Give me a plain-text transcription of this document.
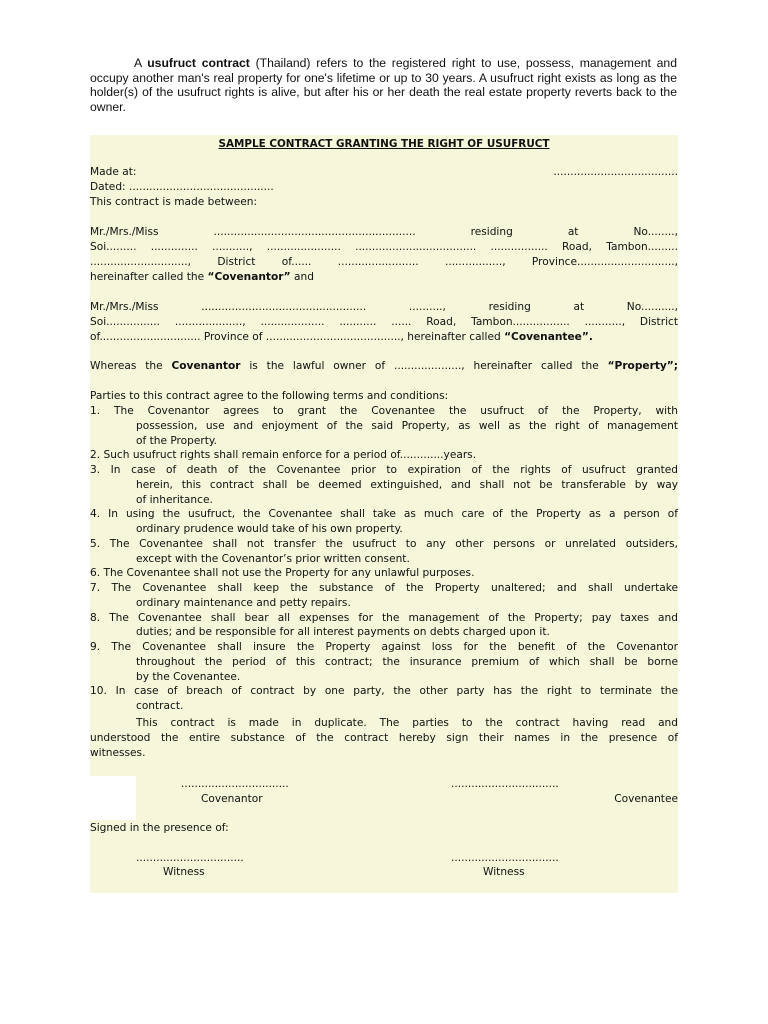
A usufruct contract (Thailand) refers to the registered right to use, possess, management and occupy another man's real property for one's lifetime or up to 30 years. A usufruct right exists as long as the holder(s) of the usufruct rights is alive, but after his or her death the real estate property reverts back to the owner.
SAMPLE CONTRACT GRANTING THE RIGHT OF USUFRUCT
Made at:	.....................................
Dated: ...........................................
This contract is made between:
Mr./Mrs./Miss	............................................................	residing	at	No........,
Soi......... .............. ..........., ...................... .................................... ................. Road, Tambon.........
............................., District of...... ........................ ................., Province.............................,
hereinafter called the “Covenantor” and
Mr./Mrs./Miss	.................................................	..........,	residing	at	No..........,
Soi................ ...................., ................... ........... ...... Road, Tambon................. ..........., District
of.............................. Province of ........................................, hereinafter called “Covenantee”.
Whereas the Covenantor is the lawful owner of ...................., hereinafter called the “Property”;
Parties to this contract agree to the following terms and conditions:
1. The Covenantor agrees to grant the Covenantee the usufruct of the Property, with
possession, use and enjoyment of the said Property, as well as the right of management
of the Property.
2. Such usufruct rights shall remain enforce for a period of.............years.
3. In case of death of the Covenantee prior to expiration of the rights of usufruct granted
herein, this contract shall be deemed extinguished, and shall not be transferable by way
of inheritance.
4. In using the usufruct, the Covenantee shall take as much care of the Property as a person of
ordinary prudence would take of his own property.
5. The Covenantee shall not transfer the usufruct to any other persons or unrelated outsiders,
except with the Covenantor’s prior written consent.
6. The Covenantee shall not use the Property for any unlawful purposes.
7. The Covenantee shall keep the substance of the Property unaltered; and shall undertake
ordinary maintenance and petty repairs.
8. The Covenantee shall bear all expenses for the management of the Property; pay taxes and
duties; and be responsible for all interest payments on debts charged upon it.
9. The Covenantee shall insure the Property against loss for the benefit of the Covenantor
throughout the period of this contract; the insurance premium of which shall be borne
by the Covenantee.
10. In case of breach of contract by one party, the other party has the right to terminate the
contract.
This contract is made in duplicate. The parties to the contract having read and
understood the entire substance of the contract hereby sign their names in the presence of
witnesses.
................................	................................
Covenantor	Covenantee
Signed in the presence of:
................................	................................
Witness	Witness
